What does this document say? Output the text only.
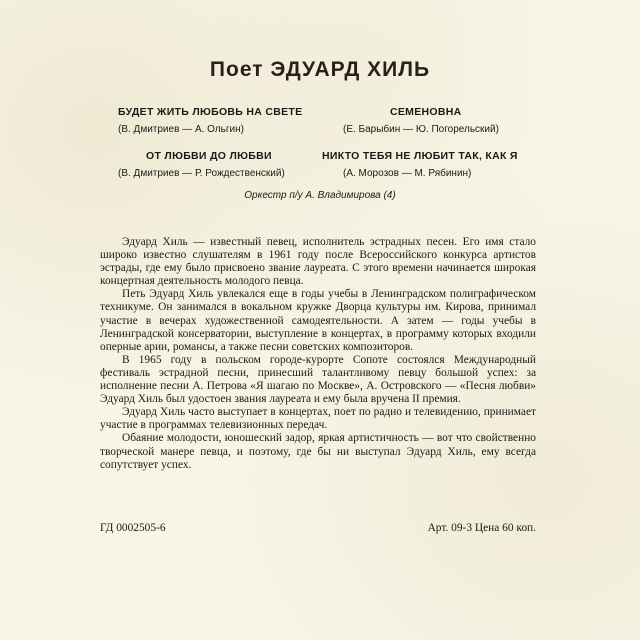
Поет ЭДУАРД ХИЛЬ
БУДЕТ ЖИТЬ ЛЮБОВЬ НА СВЕТЕ
(В. Дмитриев — А. Ольгин)
СЕМЕНОВНА
(Е. Барыбин — Ю. Погорельский)
ОТ ЛЮБВИ ДО ЛЮБВИ
(В. Дмитриев — Р. Рождественский)
НИКТО ТЕБЯ НЕ ЛЮБИТ ТАК, КАК Я
(А. Морозов — М. Рябинин)
Оркестр п/у А. Владимирова (4)

Эдуард Хиль — известный певец, исполнитель эстрадных песен. Его имя стало широко известно слушателям в 1961 году после Всероссийского конкурса артистов эстрады, где ему было присвоено звание лауреата. С этого времени начинается широкая концертная деятельность молодого певца.

Петь Эдуард Хиль увлекался еще в годы учебы в Ленинградском полиграфическом техникуме. Он занимался в вокальном кружке Дворца культуры им. Кирова, принимал участие в вечерах художественной самодеятельности. А затем — годы учебы в Ленинградской консерватории, выступление в концертах, в программу которых входили оперные арии, романсы, а также песни советских композиторов.

В 1965 году в польском городе-курорте Сопоте состоялся Международный фестиваль эстрадной песни, принесший талантливому певцу большой успех: за исполнение песни А. Петрова «Я шагаю по Москве», А. Островского — «Песня любви» Эдуард Хиль был удостоен звания лауреата и ему была вручена II премия.

Эдуард Хиль часто выступает в концертах, поет по радио и телевидению, принимает участие в программах телевизионных передач.

Обаяние молодости, юношеский задор, яркая артистичность — вот что свойственно творческой манере певца, и поэтому, где бы ни выступал Эдуард Хиль, ему всегда сопутствует успех.

ГД 0002505-6	Арт. 09-3 Цена 60 коп.
